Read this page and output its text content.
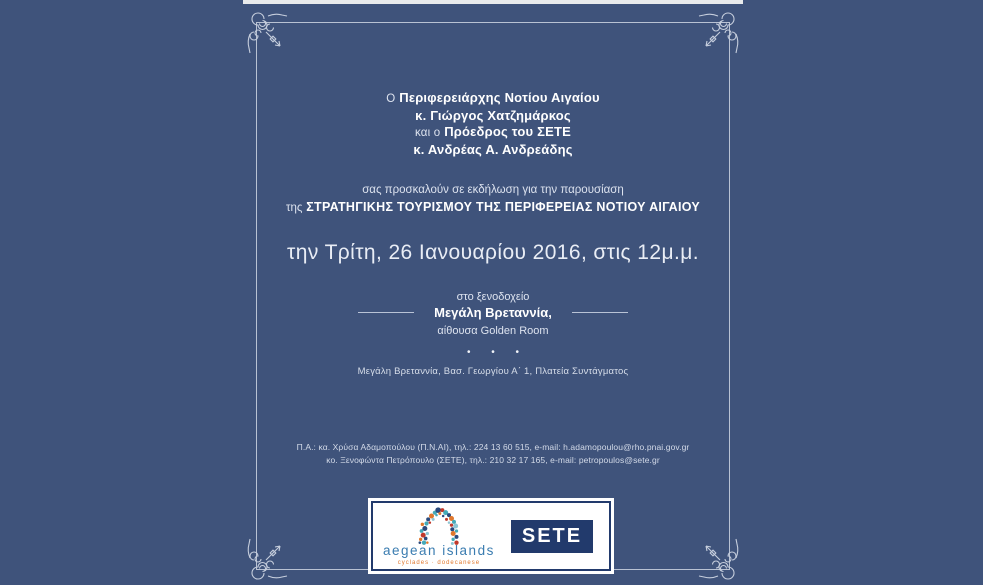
Ο Περιφερειάρχης Νοτίου Αιγαίου
κ. Γιώργος Χατζημάρκος
και ο Πρόεδρος του ΣΕΤΕ
κ. Ανδρέας Α. Ανδρεάδης
σας προσκαλούν σε εκδήλωση για την παρουσίαση
της ΣΤΡΑΤΗΓΙΚΗΣ ΤΟΥΡΙΣΜΟΥ ΤΗΣ ΠΕΡΙΦΕΡΕΙΑΣ ΝΟΤΙΟΥ ΑΙΓΑΙΟΥ
την Τρίτη, 26 Ιανουαρίου 2016, στις 12μ.μ.
στο ξενοδοχείο
Μεγάλη Βρεταννία,
αίθουσα Golden Room
• • •
Μεγάλη Βρεταννία, Βασ. Γεωργίου Α΄ 1, Πλατεία Συντάγματος
Π.Α.: κα. Χρύσα Αδαμοπούλου (Π.Ν.ΑΙ), τηλ.: 224 13 60 515, e-mail: h.adamopoulou@rho.pnai.gov.gr
κο. Ξενοφώντα Πετρόπουλο (ΣΕΤΕ), τηλ.: 210 32 17 165, e-mail: petropoulos@sete.gr
aegean islands
cyclades · dodecanese
SETE
